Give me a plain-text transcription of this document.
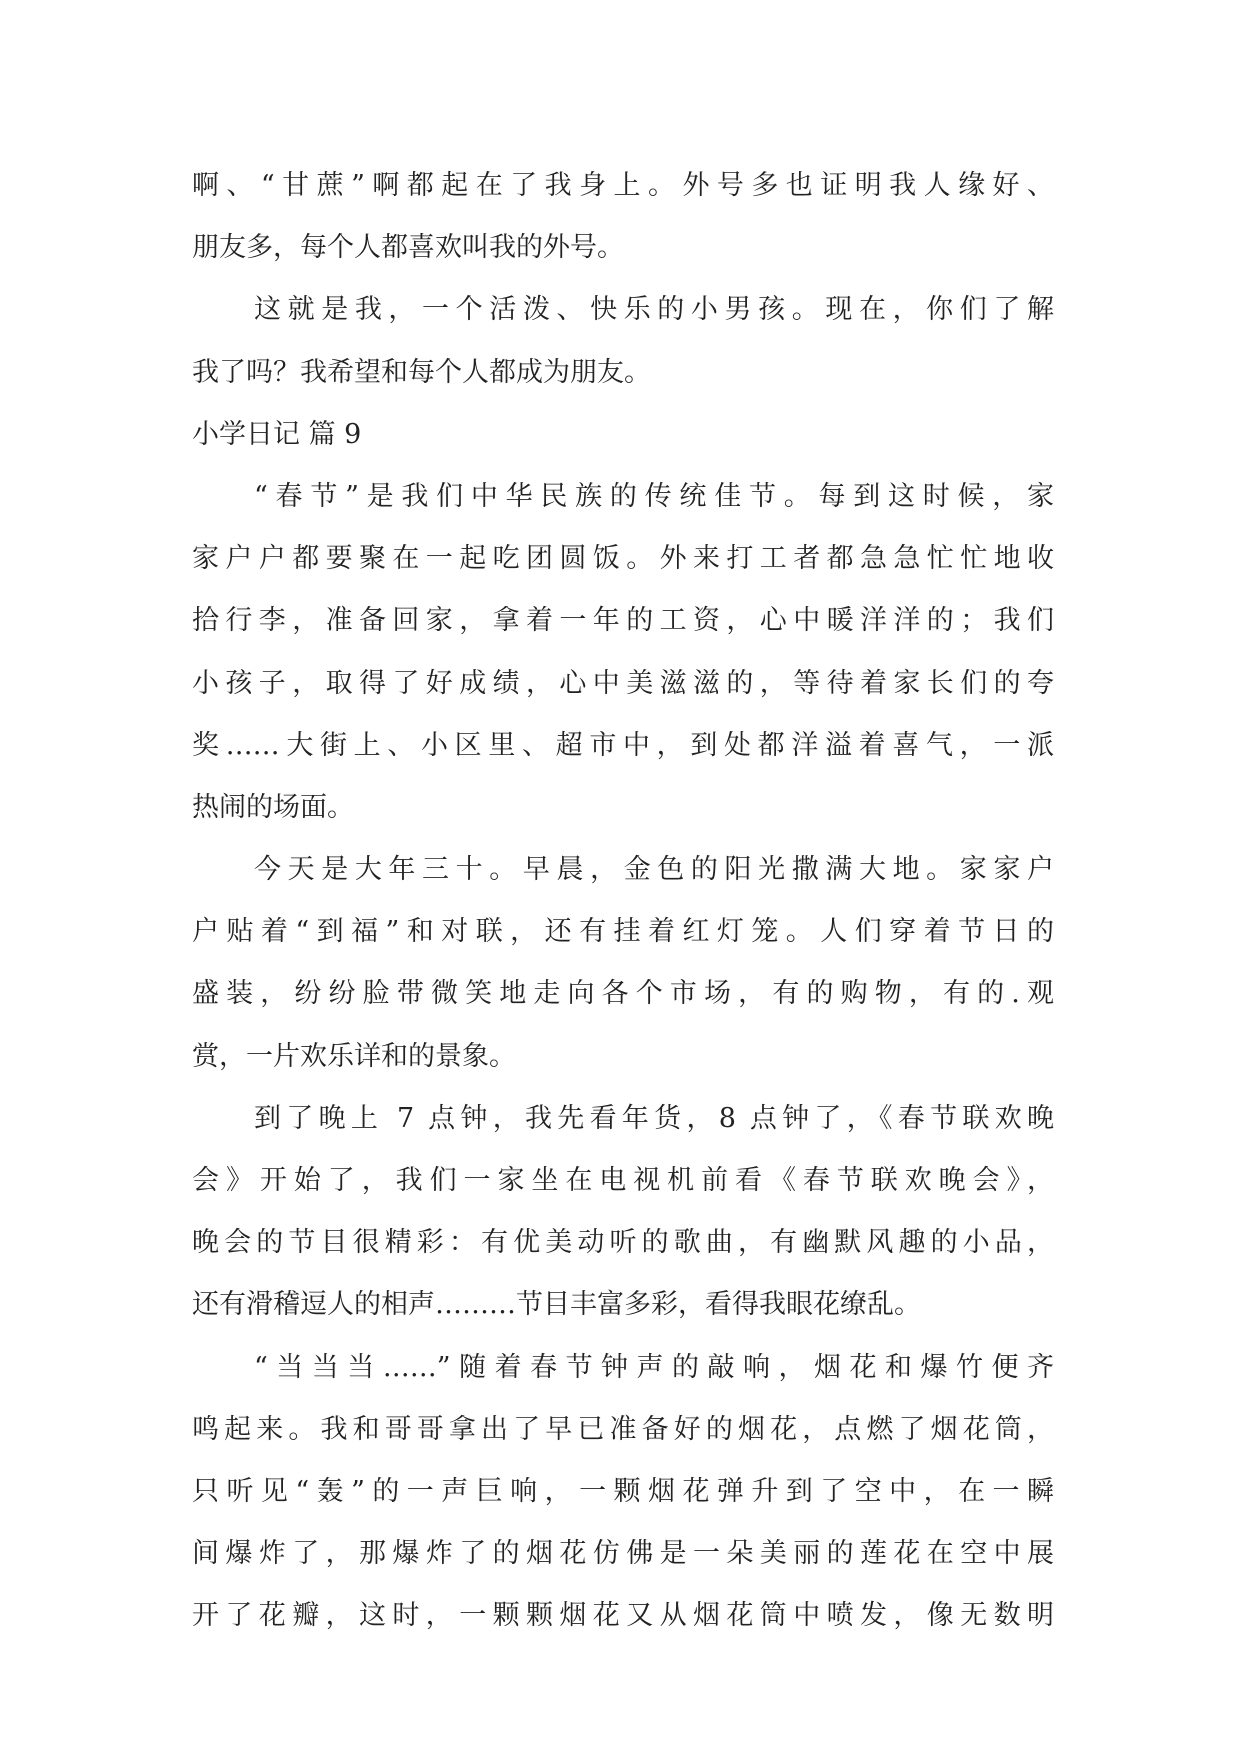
啊、“甘蔗”啊都起在了我身上。外号多也证明我人缘好、
朋友多，每个人都喜欢叫我的外号。
这就是我，一个活泼、快乐的小男孩。现在，你们了解
我了吗？我希望和每个人都成为朋友。
小学日记 篇 9
“春节”是我们中华民族的传统佳节。每到这时候，家
家户户都要聚在一起吃团圆饭。外来打工者都急急忙忙地收
拾行李，准备回家，拿着一年的工资，心中暖洋洋的；我们
小孩子，取得了好成绩，心中美滋滋的，等待着家长们的夸
奖……大街上、小区里、超市中，到处都洋溢着喜气，一派
热闹的场面。
今天是大年三十。早晨，金色的阳光撒满大地。家家户
户贴着“到福”和对联，还有挂着红灯笼。人们穿着节日的
盛装，纷纷脸带微笑地走向各个市场，有的购物，有的.观
赏，一片欢乐详和的景象。
到了晚上 7 点钟，我先看年货，8 点钟了，《春节联欢晚
会》开始了，我们一家坐在电视机前看《春节联欢晚会》，
晚会的节目很精彩：有优美动听的歌曲，有幽默风趣的小品，
还有滑稽逗人的相声………节目丰富多彩，看得我眼花缭乱。
“当当当……”随着春节钟声的敲响，烟花和爆竹便齐
鸣起来。我和哥哥拿出了早已准备好的烟花，点燃了烟花筒，
只听见“轰”的一声巨响，一颗烟花弹升到了空中，在一瞬
间爆炸了，那爆炸了的烟花仿佛是一朵美丽的莲花在空中展
开了花瓣，这时，一颗颗烟花又从烟花筒中喷发，像无数明
